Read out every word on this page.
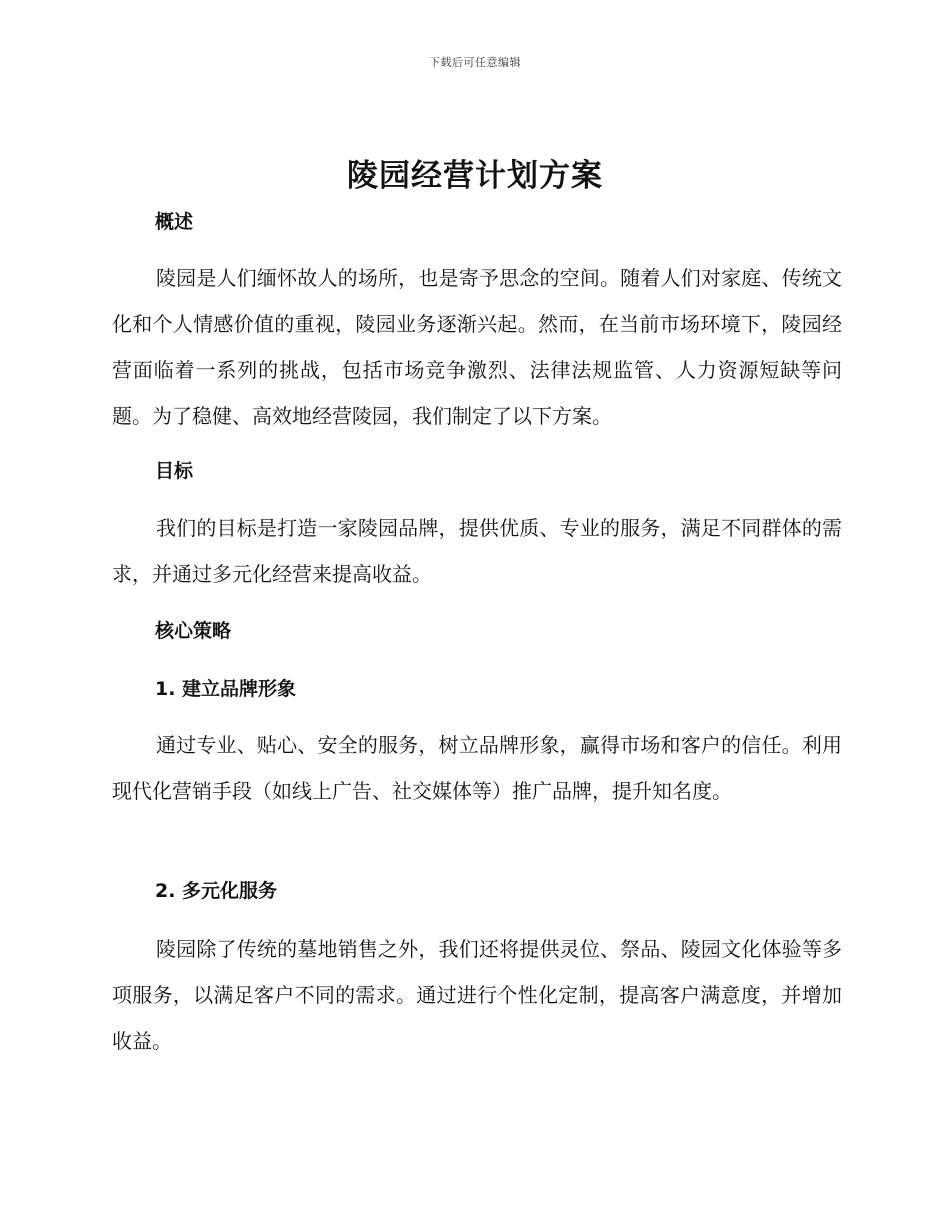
下载后可任意编辑
陵园经营计划方案
概述

陵园是人们缅怀故人的场所，也是寄予思念的空间。随着人们对家庭、传统文化和个人情感价值的重视，陵园业务逐渐兴起。然而，在当前市场环境下，陵园经营面临着一系列的挑战，包括市场竞争激烈、法律法规监管、人力资源短缺等问题。为了稳健、高效地经营陵园，我们制定了以下方案。

目标

我们的目标是打造一家陵园品牌，提供优质、专业的服务，满足不同群体的需求，并通过多元化经营来提高收益。

核心策略
1. 建立品牌形象

通过专业、贴心、安全的服务，树立品牌形象，赢得市场和客户的信任。利用现代化营销手段（如线上广告、社交媒体等）推广品牌，提升知名度。

2. 多元化服务

陵园除了传统的墓地销售之外，我们还将提供灵位、祭品、陵园文化体验等多项服务，以满足客户不同的需求。通过进行个性化定制，提高客户满意度，并增加收益。
